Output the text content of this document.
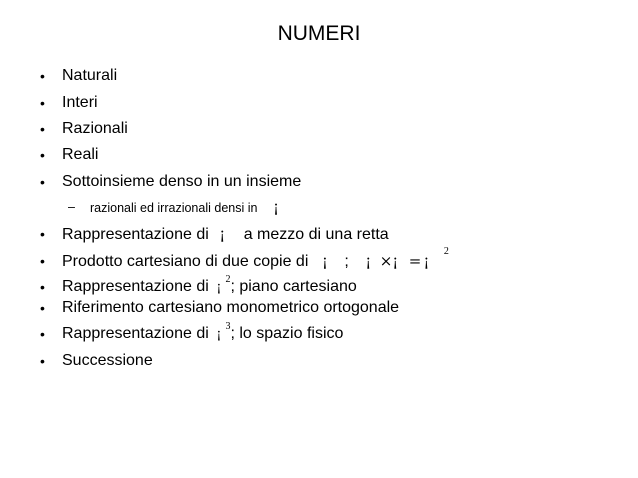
NUMERI
• Naturali
• Interi
• Razionali
• Reali
• Sottoinsieme denso in un insieme
– razionali ed irrazionali densi in ¡
• Rappresentazione di ¡ a mezzo di una retta
• Prodotto cartesiano di due copie di ¡ ; ¡ ×¡ = ¡ 2
• Rappresentazione di ¡2; piano cartesiano
• Riferimento cartesiano monometrico ortogonale
• Rappresentazione di ¡3; lo spazio fisico
• Successione
